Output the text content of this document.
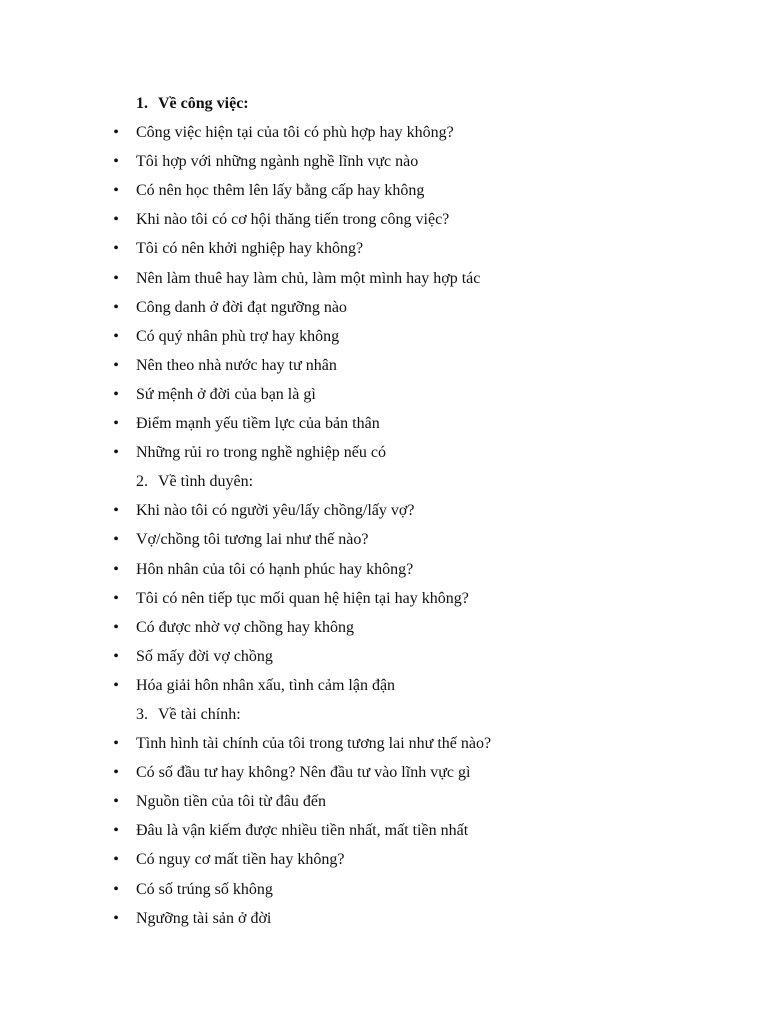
1. Về công việc:
• Công việc hiện tại của tôi có phù hợp hay không?
• Tôi hợp với những ngành nghề lĩnh vực nào
• Có nên học thêm lên lấy bằng cấp hay không
• Khi nào tôi có cơ hội thăng tiến trong công việc?
• Tôi có nên khởi nghiệp hay không?
• Nên làm thuê hay làm chủ, làm một mình hay hợp tác
• Công danh ở đời đạt ngưỡng nào
• Có quý nhân phù trợ hay không
• Nên theo nhà nước hay tư nhân
• Sứ mệnh ở đời của bạn là gì
• Điểm mạnh yếu tiềm lực của bản thân
• Những rủi ro trong nghề nghiệp nếu có
2. Về tình duyên:
• Khi nào tôi có người yêu/lấy chồng/lấy vợ?
• Vợ/chồng tôi tương lai như thế nào?
• Hôn nhân của tôi có hạnh phúc hay không?
• Tôi có nên tiếp tục mối quan hệ hiện tại hay không?
• Có được nhờ vợ chồng hay không
• Số mấy đời vợ chồng
• Hóa giải hôn nhân xấu, tình cảm lận đận
3. Về tài chính:
• Tình hình tài chính của tôi trong tương lai như thế nào?
• Có số đầu tư hay không? Nên đầu tư vào lĩnh vực gì
• Nguồn tiền của tôi từ đâu đến
• Đâu là vận kiếm được nhiều tiền nhất, mất tiền nhất
• Có nguy cơ mất tiền hay không?
• Có số trúng số không
• Ngưỡng tài sản ở đời
